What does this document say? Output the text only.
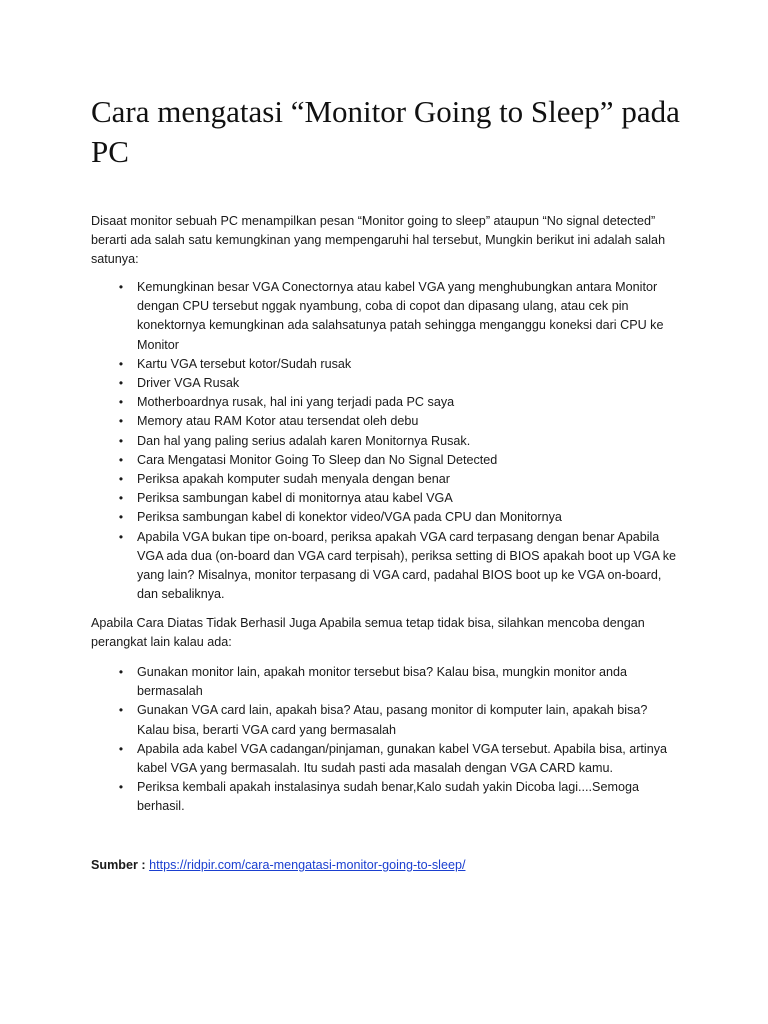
Cara mengatasi “Monitor Going to Sleep” pada PC

Disaat monitor sebuah PC menampilkan pesan “Monitor going to sleep” ataupun “No signal detected” berarti ada salah satu kemungkinan yang mempengaruhi hal tersebut, Mungkin berikut ini adalah salah satunya:

•	Kemungkinan besar VGA Conectornya atau kabel VGA yang menghubungkan antara Monitor dengan CPU tersebut nggak nyambung, coba di copot dan dipasang ulang, atau cek pin konektornya kemungkinan ada salahsatunya patah sehingga menganggu koneksi dari CPU ke Monitor
•	Kartu VGA tersebut kotor/Sudah rusak
•	Driver VGA Rusak
•	Motherboardnya rusak, hal ini yang terjadi pada PC saya
•	Memory atau RAM Kotor atau tersendat oleh debu
•	Dan hal yang paling serius adalah karen Monitornya Rusak.
•	Cara Mengatasi Monitor Going To Sleep dan No Signal Detected
•	Periksa apakah komputer sudah menyala dengan benar
•	Periksa sambungan kabel di monitornya atau kabel VGA
•	Periksa sambungan kabel di konektor video/VGA pada CPU dan Monitornya
•	Apabila VGA bukan tipe on-board, periksa apakah VGA card terpasang dengan benar Apabila VGA ada dua (on-board dan VGA card terpisah), periksa setting di BIOS apakah boot up VGA ke yang lain? Misalnya, monitor terpasang di VGA card, padahal BIOS boot up ke VGA on-board, dan sebaliknya.

Apabila Cara Diatas Tidak Berhasil Juga Apabila semua tetap tidak bisa, silahkan mencoba dengan perangkat lain kalau ada:

•	Gunakan monitor lain, apakah monitor tersebut bisa? Kalau bisa, mungkin monitor anda bermasalah
•	Gunakan VGA card lain, apakah bisa? Atau, pasang monitor di komputer lain, apakah bisa? Kalau bisa, berarti VGA card yang bermasalah
•	Apabila ada kabel VGA cadangan/pinjaman, gunakan kabel VGA tersebut. Apabila bisa, artinya kabel VGA yang bermasalah. Itu sudah pasti ada masalah dengan VGA CARD kamu.
•	Periksa kembali apakah instalasinya sudah benar,Kalo sudah yakin Dicoba lagi....Semoga berhasil.

Sumber : https://ridpir.com/cara-mengatasi-monitor-going-to-sleep/
